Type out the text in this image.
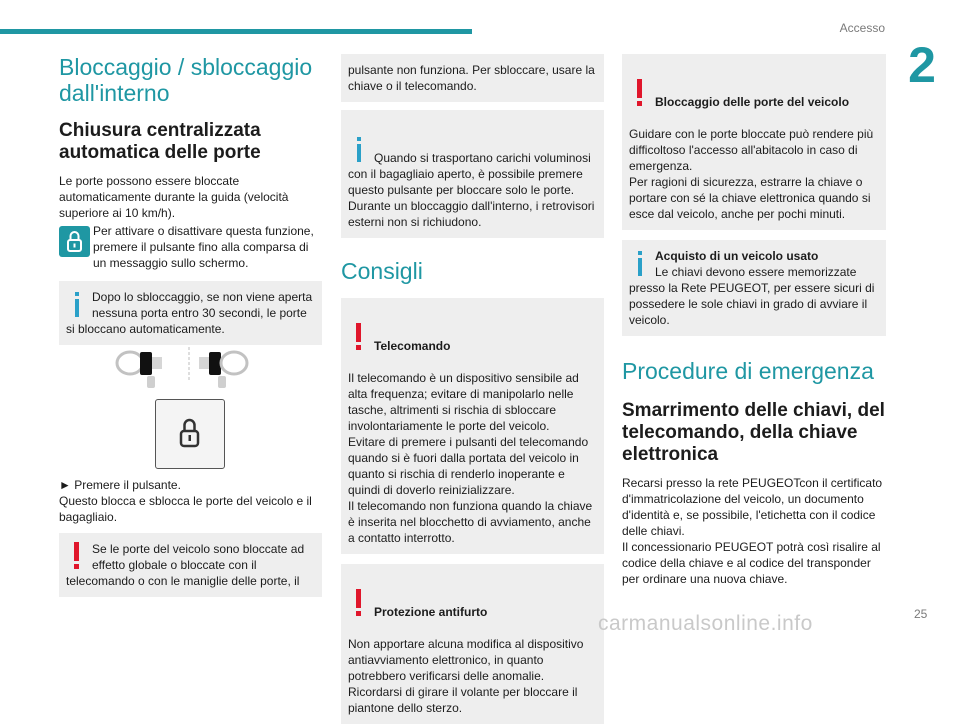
Accesso
2
Bloccaggio / sbloccaggio dall'interno
Chiusura centralizzata automatica delle porte

Le porte possono essere bloccate automaticamente durante la guida (velocità superiore ai 10 km/h).

Per attivare o disattivare questa funzione, premere il pulsante fino alla comparsa di un messaggio sullo schermo.

Dopo lo sbloccaggio, se non viene aperta nessuna porta entro 30 secondi, le porte si bloccano automaticamente.

► Premere il pulsante.

Questo blocca e sblocca le porte del veicolo e il bagagliaio.

Se le porte del veicolo sono bloccate ad effetto globale o bloccate con il telecomando o con le maniglie delle porte, il
pulsante non funziona. Per sbloccare, usare la chiave o il telecomando.

Quando si trasportano carichi voluminosi con il bagagliaio aperto, è possibile premere questo pulsante per bloccare solo le porte.
Durante un bloccaggio dall'interno, i retrovisori esterni non si richiudono.

Consigli

Telecomando

Il telecomando è un dispositivo sensibile ad alta frequenza; evitare di manipolarlo nelle tasche, altrimenti si rischia di sbloccare involontariamente le porte del veicolo.
Evitare di premere i pulsanti del telecomando quando si è fuori dalla portata del veicolo in quanto si rischia di renderlo inoperante e quindi di doverlo reinizializzare.
Il telecomando non funziona quando la chiave è inserita nel blocchetto di avviamento, anche a contatto interrotto.

Protezione antifurto

Non apportare alcuna modifica al dispositivo antiavviamento elettronico, in quanto potrebbero verificarsi delle anomalie.
Ricordarsi di girare il volante per bloccare il piantone dello sterzo.

Bloccaggio delle porte del veicolo

Guidare con le porte bloccate può rendere più difficoltoso l'accesso all'abitacolo in caso di emergenza.
Per ragioni di sicurezza, estrarre la chiave o portare con sé la chiave elettronica quando si esce dal veicolo, anche per pochi minuti.

Acquisto di un veicolo usato
Le chiavi devono essere memorizzate presso la Rete PEUGEOT, per essere sicuri di possedere le sole chiavi in grado di avviare il veicolo.
Procedure di emergenza
Smarrimento delle chiavi, del telecomando, della chiave elettronica

Recarsi presso la rete PEUGEOTcon il certificato d'immatricolazione del veicolo, un documento d'identità e, se possibile, l'etichetta con il codice delle chiavi.
Il concessionario PEUGEOT potrà così risalire al codice della chiave e al codice del transponder per ordinare una nuova chiave.

carmanualsonline.info	25
